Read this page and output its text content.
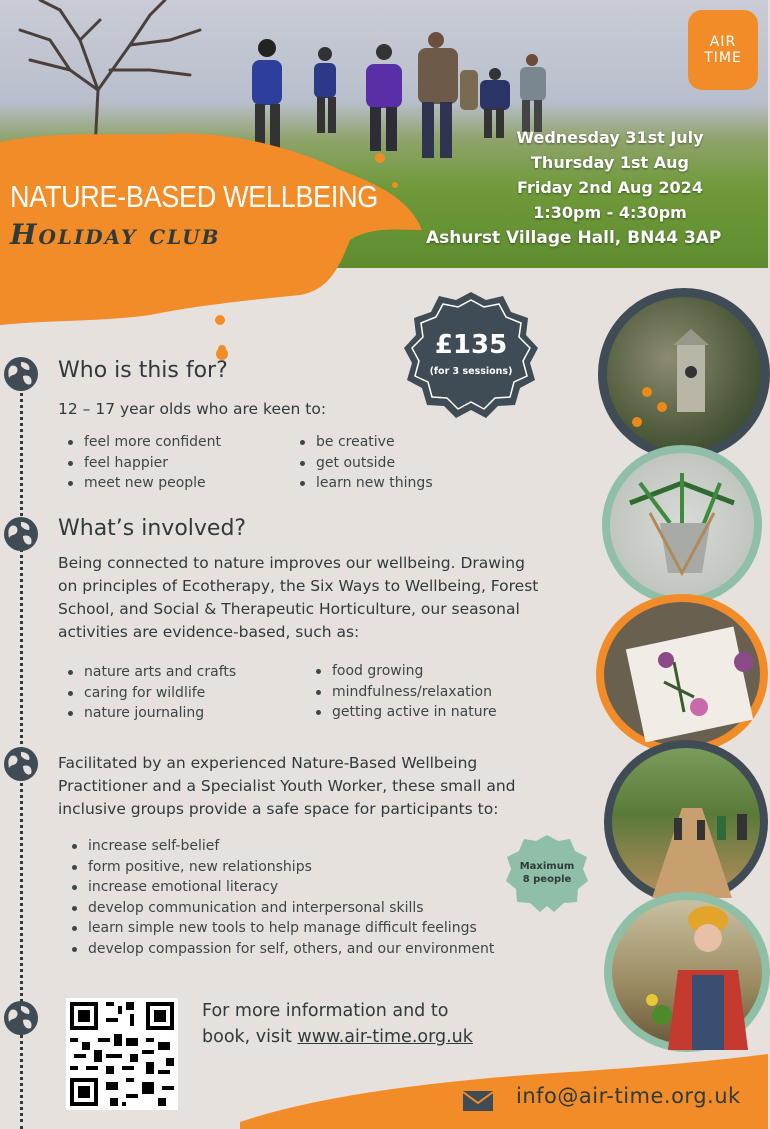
AIR
TIME
NATURE-BASED WELLBEING
Holiday club
Wednesday 31st July
Thursday 1st Aug
Friday 2nd Aug 2024
1:30pm - 4:30pm
Ashurst Village Hall, BN44 3AP
£135
(for 3 sessions)
Who is this for?
12 – 17 year olds who are keen to:
feel more confident
feel happier
meet new people
be creative
get outside
learn new things
What’s involved?
Being connected to nature improves our wellbeing. Drawing
on principles of Ecotherapy, the Six Ways to Wellbeing, Forest
School, and Social & Therapeutic Horticulture, our seasonal
activities are evidence-based, such as:
nature arts and crafts
caring for wildlife
nature journaling
food growing
mindfulness/relaxation
getting active in nature
Facilitated by an experienced Nature-Based Wellbeing
Practitioner and a Specialist Youth Worker, these small and
inclusive groups provide a safe space for participants to:
increase self-belief
form positive, new relationships
increase emotional literacy
develop communication and interpersonal skills
learn simple new tools to help manage difficult feelings
develop compassion for self, others, and our environment
Maximum
8 people
For more information and to
book, visit www.air-time.org.uk
info@air-time.org.uk
